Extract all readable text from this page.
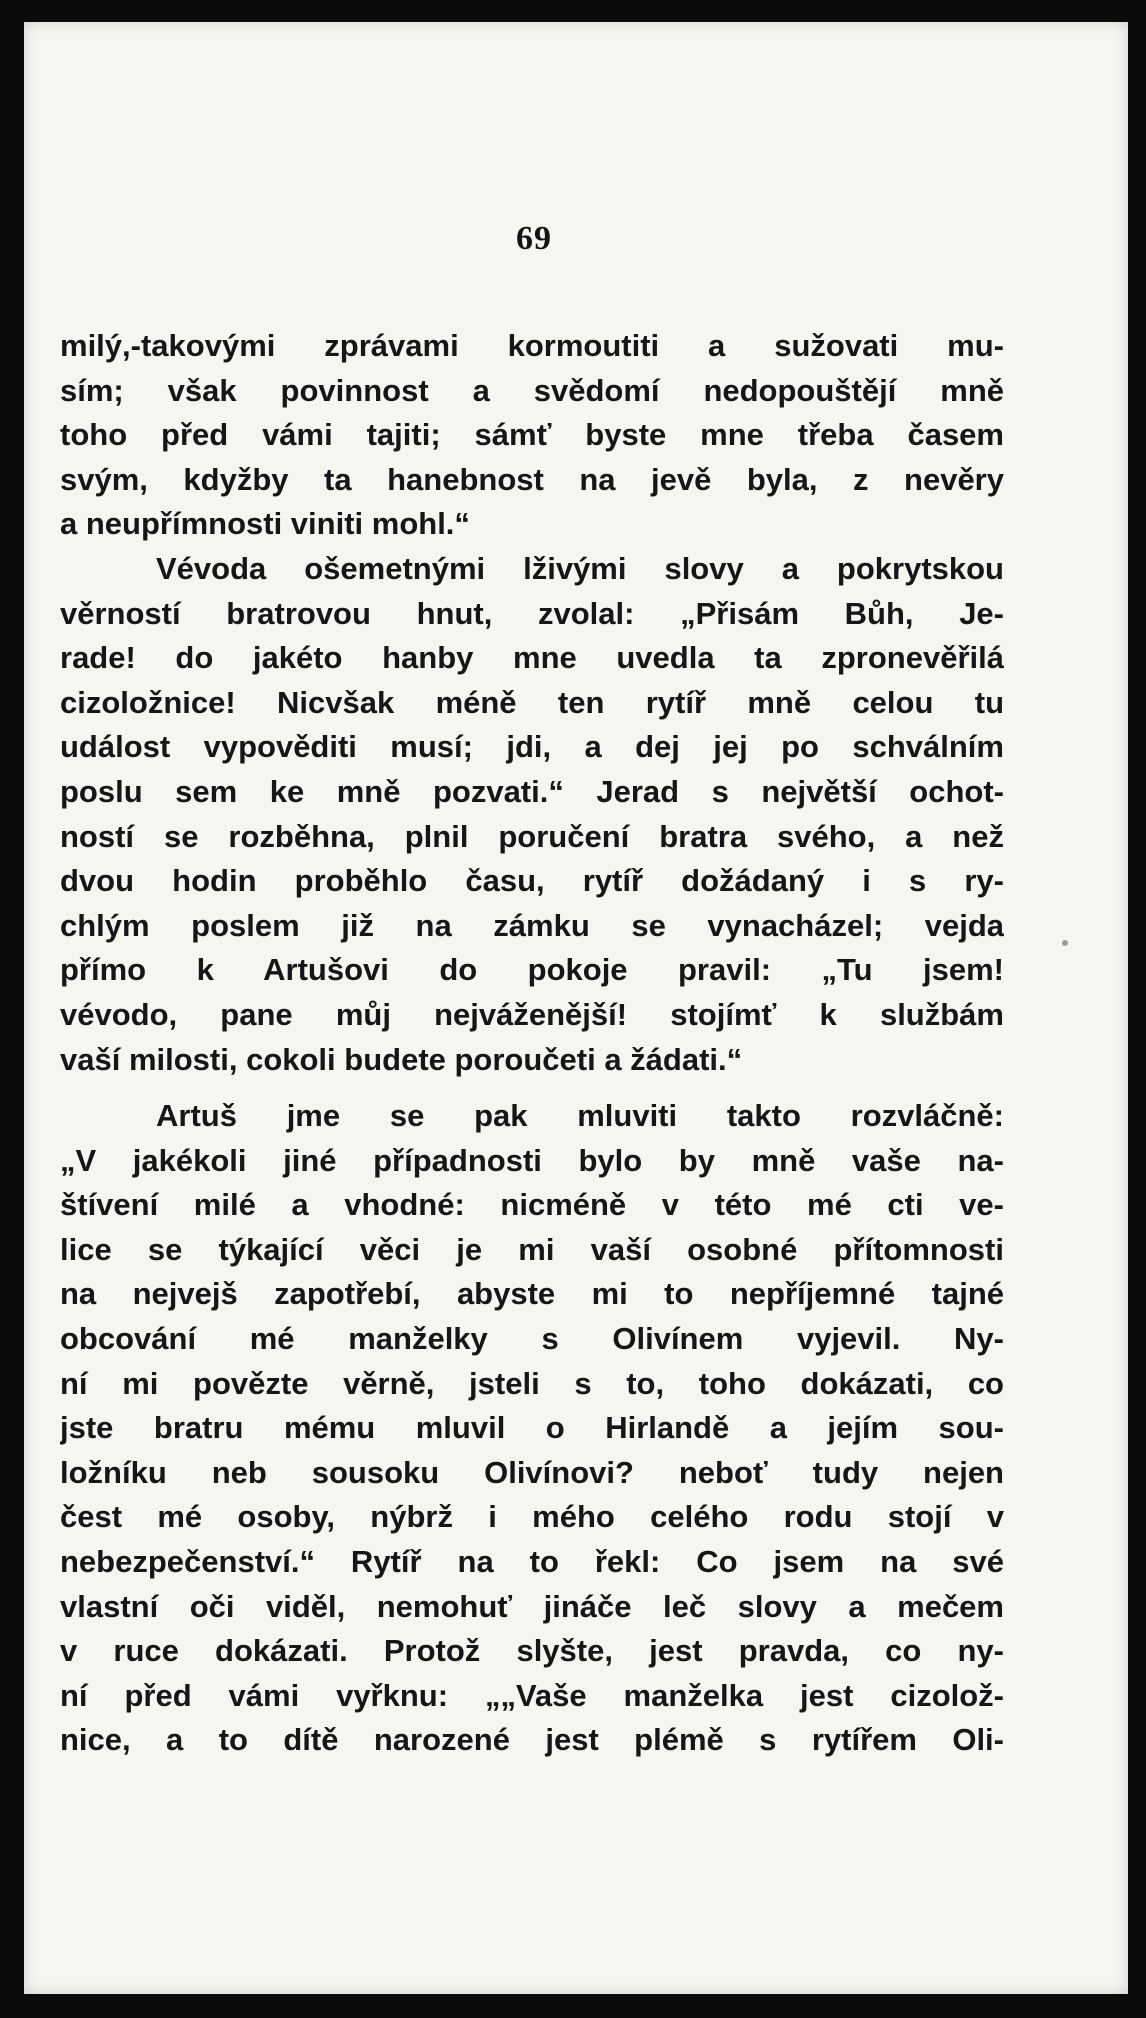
69
milý,-takovými zprávami kormoutiti a sužovati mu-
sím; však povinnost a svědomí nedopouštějí mně
toho před vámi tajiti; sámť byste mne třeba časem
svým, kdyžby ta hanebnost na jevě byla, z nevěry
a neupřímnosti viniti mohl.“
Vévoda ošemetnými lživými slovy a pokrytskou
věrností bratrovou hnut, zvolal: „Přisám Bůh, Je-
rade! do jakéto hanby mne uvedla ta zpronevěřilá
cizoložnice! Nicvšak méně ten rytíř mně celou tu
událost vypověditi musí; jdi, a dej jej po schválním
poslu sem ke mně pozvati.“ Jerad s největší ochot-
ností se rozběhna, plnil poručení bratra svého, a než
dvou hodin proběhlo času, rytíř dožádaný i s ry-
chlým poslem již na zámku se vynacházel; vejda
přímo k Artušovi do pokoje pravil: „Tu jsem!
vévodo, pane můj nejváženější! stojímť k službám
vaší milosti, cokoli budete poroučeti a žádati.“
Artuš jme se pak mluviti takto rozvláčně:
„V jakékoli jiné případnosti bylo by mně vaše na-
štívení milé a vhodné: nicméně v této mé cti ve-
lice se týkající věci je mi vaší osobné přítomnosti
na nejvejš zapotřebí, abyste mi to nepříjemné tajné
obcování mé manželky s Olivínem vyjevil. Ny-
ní mi povězte věrně, jsteli s to, toho dokázati, co
jste bratru mému mluvil o Hirlandě a jejím sou-
ložníku neb sousoku Olivínovi? neboť tudy nejen
čest mé osoby, nýbrž i mého celého rodu stojí v
nebezpečenství.“ Rytíř na to řekl: Co jsem na své
vlastní oči viděl, nemohuť jináče leč slovy a mečem
v ruce dokázati. Protož slyšte, jest pravda, co ny-
ní před vámi vyřknu: „„Vaše manželka jest cizolož-
nice, a to dítě narozené jest plémě s rytířem Oli-
